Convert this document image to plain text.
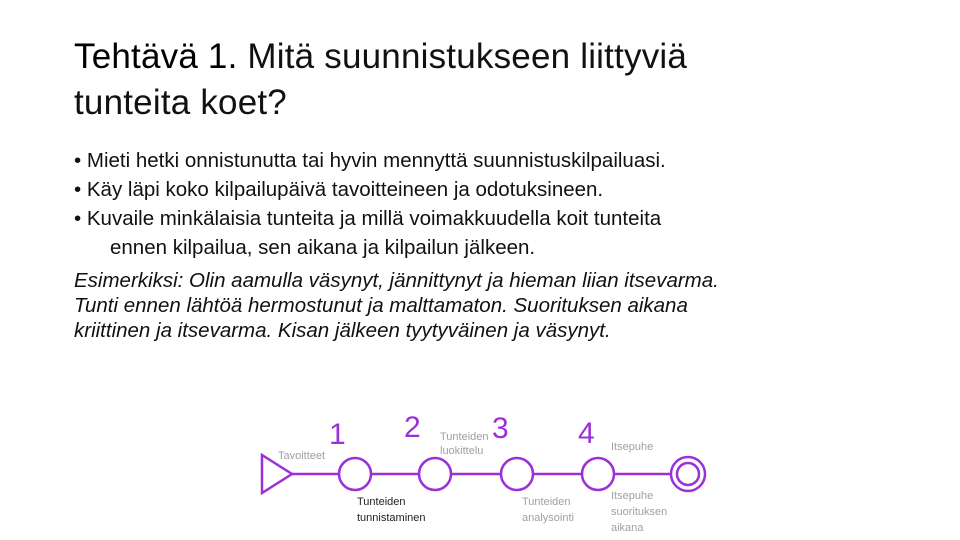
Tehtävä 1. Mitä suunnistukseen liittyviä
tunteita koet?

• Mieti hetki onnistunutta tai hyvin mennyttä suunnistuskilpailuasi.

• Käy läpi koko kilpailupäivä tavoitteineen ja odotuksineen.

• Kuvaile minkälaisia tunteita ja millä voimakkuudella koit tunteita
ennen kilpailua, sen aikana ja kilpailun jälkeen.

Esimerkiksi: Olin aamulla väsynyt, jännittynyt ja hieman liian itsevarma.
Tunti ennen lähtöä hermostunut ja malttamaton. Suorituksen aikana
kriittinen ja itsevarma. Kisan jälkeen tyytyväinen ja väsynyt.

Tavoitteet
1 2 3 4
Tunteiden
luokittelu	Itsepuhe
Tunteiden
tunnistaminen
Tunteiden
analysointi
Itsepuhe
suorituksen
aikana
